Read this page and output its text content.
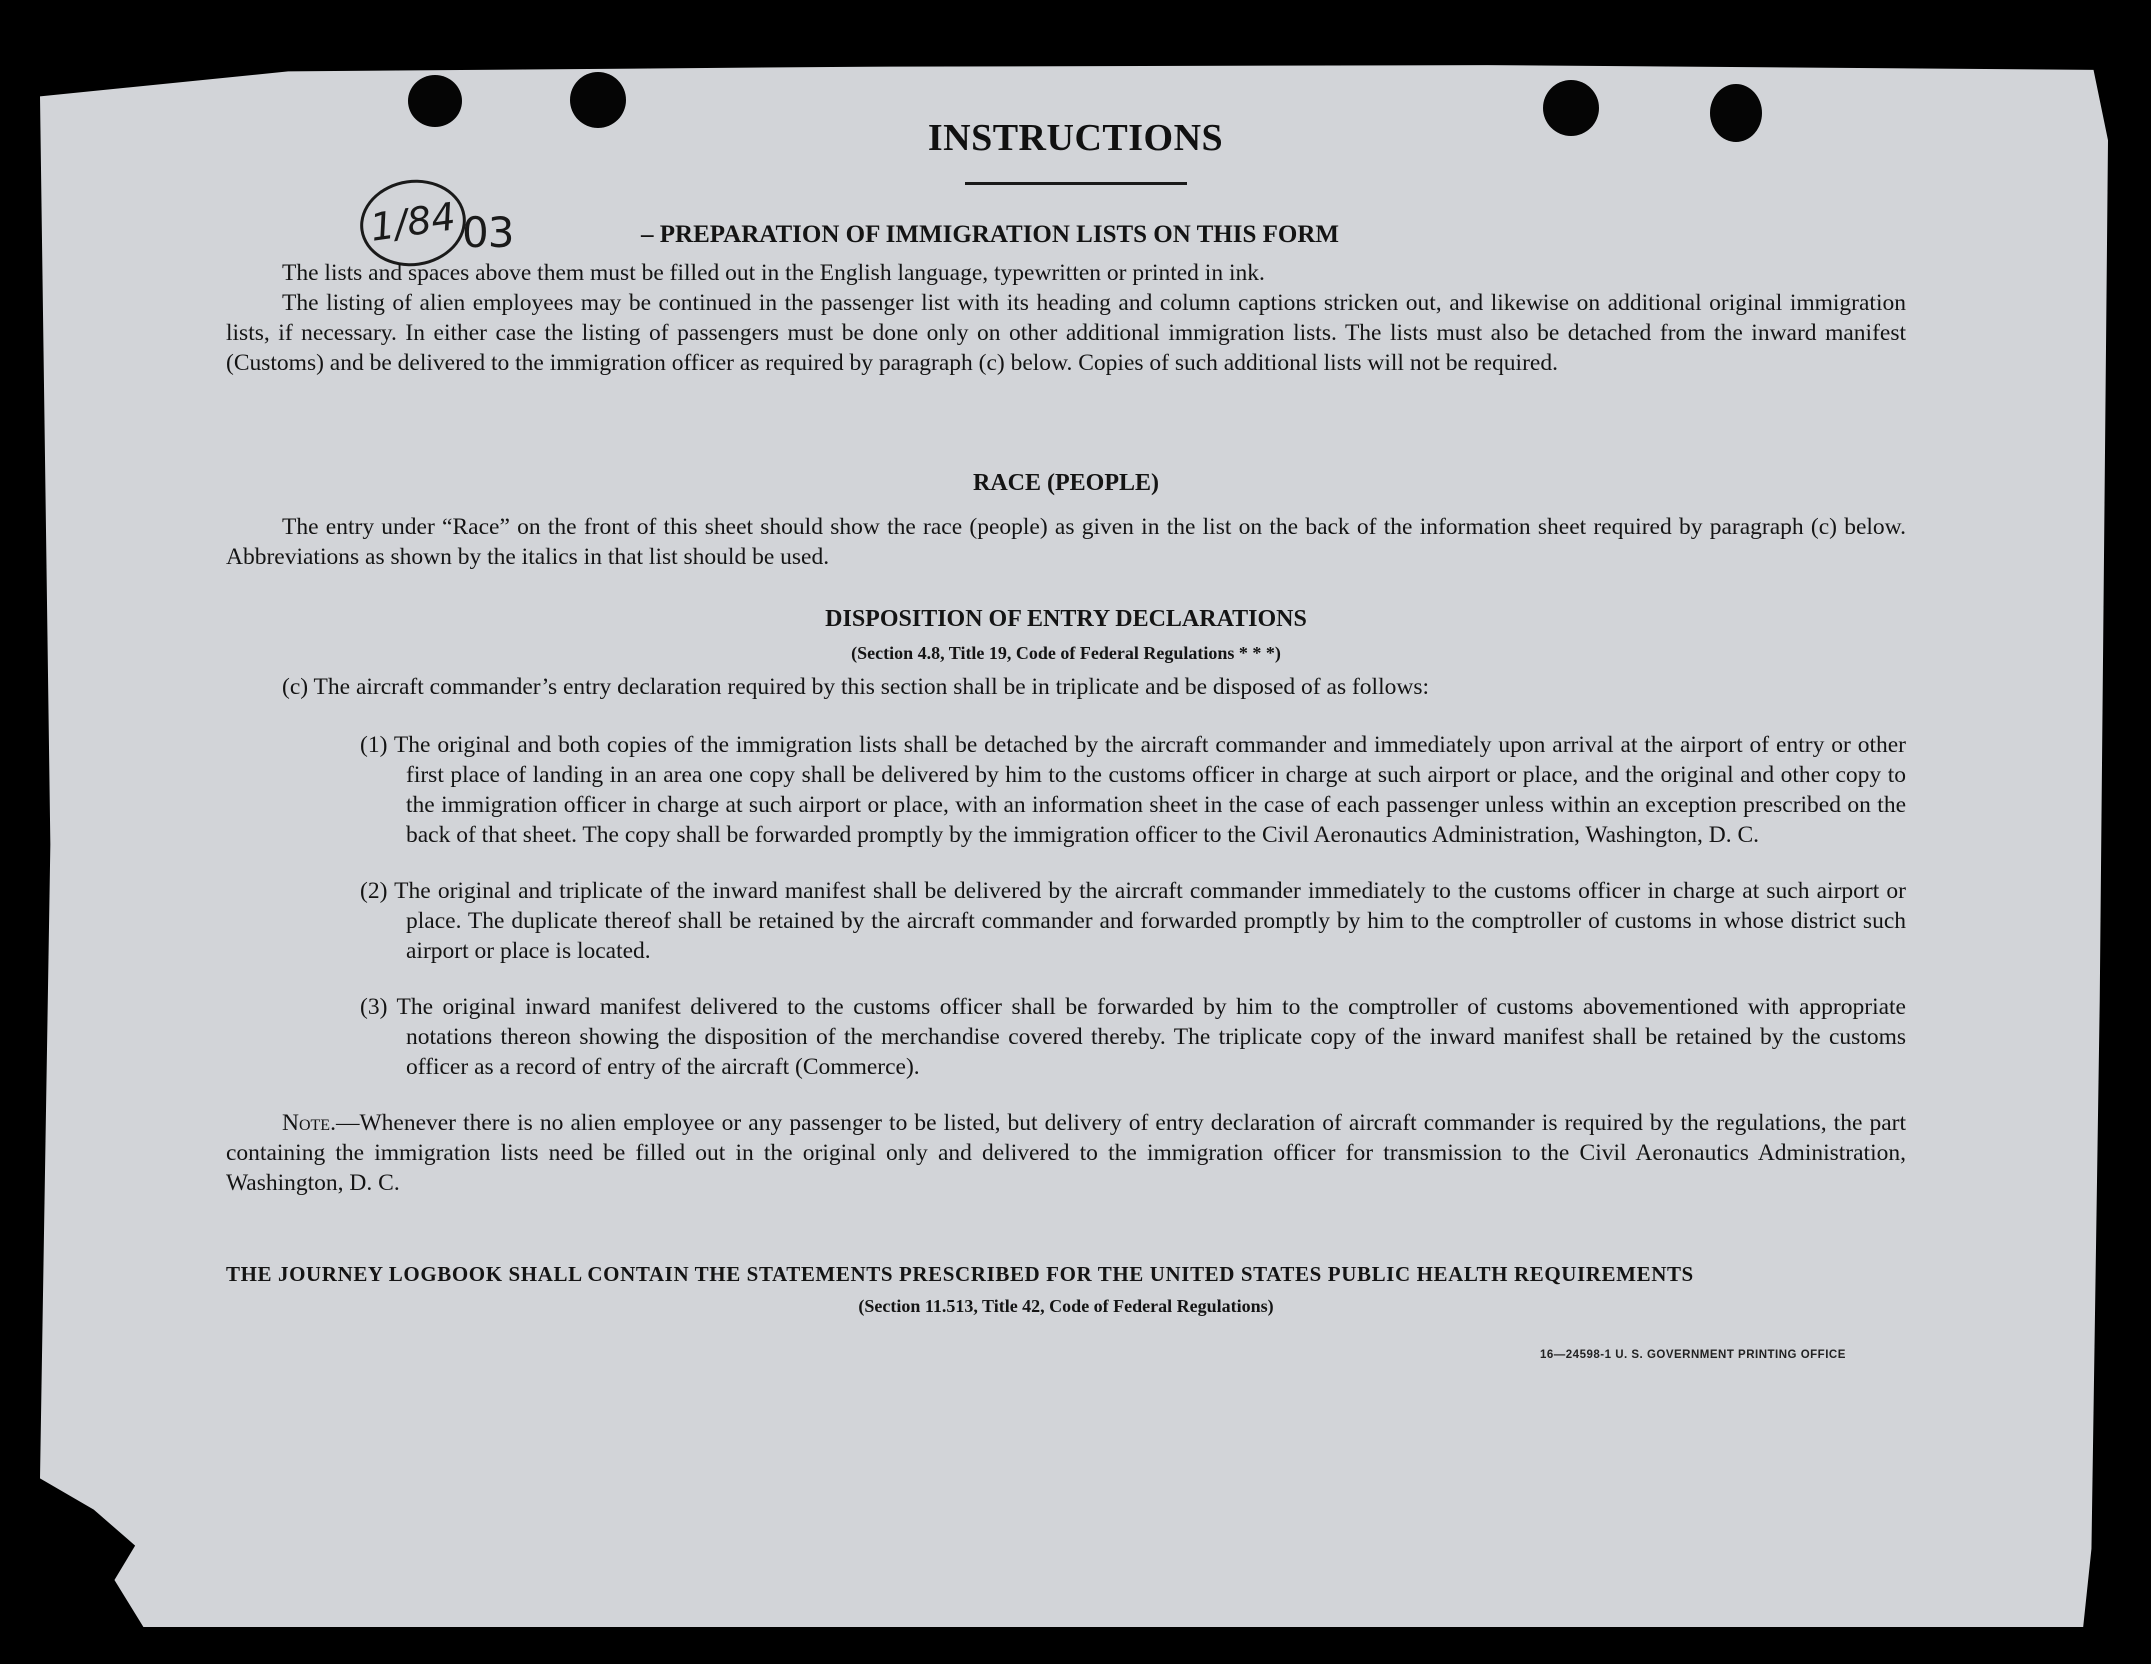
INSTRUCTIONS
1/84 03	– PREPARATION OF IMMIGRATION LISTS ON THIS FORM

The lists and spaces above them must be filled out in the English language, typewritten or printed in ink.

The listing of alien employees may be continued in the passenger list with its heading and column captions stricken out, and likewise on additional original immigration lists, if necessary. In either case the listing of passengers must be done only on other additional immigration lists. The lists must also be detached from the inward manifest (Customs) and be delivered to the immigration officer as required by paragraph (c) below. Copies of such additional lists will not be required.

RACE (PEOPLE)

The entry under “Race” on the front of this sheet should show the race (people) as given in the list on the back of the information sheet required by paragraph (c) below. Abbreviations as shown by the italics in that list should be used.

DISPOSITION OF ENTRY DECLARATIONS
(Section 4.8, Title 19, Code of Federal Regulations * * *)

(c) The aircraft commander’s entry declaration required by this section shall be in triplicate and be disposed of as follows:

(1) The original and both copies of the immigration lists shall be detached by the aircraft commander and immediately upon arrival at the airport of entry or other first place of landing in an area one copy shall be delivered by him to the customs officer in charge at such airport or place, and the original and other copy to the immigration officer in charge at such airport or place, with an information sheet in the case of each passenger unless within an exception prescribed on the back of that sheet. The copy shall be forwarded promptly by the immigration officer to the Civil Aeronautics Administration, Washington, D. C.

(2) The original and triplicate of the inward manifest shall be delivered by the aircraft commander immediately to the customs officer in charge at such airport or place. The duplicate thereof shall be retained by the aircraft commander and forwarded promptly by him to the comptroller of customs in whose district such airport or place is located.

(3) The original inward manifest delivered to the customs officer shall be forwarded by him to the comptroller of customs abovementioned with appropriate notations thereon showing the disposition of the merchandise covered thereby. The triplicate copy of the inward manifest shall be retained by the customs officer as a record of entry of the aircraft (Commerce).

Note.—Whenever there is no alien employee or any passenger to be listed, but delivery of entry declaration of aircraft commander is required by the regulations, the part containing the immigration lists need be filled out in the original only and delivered to the immigration officer for transmission to the Civil Aeronautics Administration, Washington, D. C.

THE JOURNEY LOGBOOK SHALL CONTAIN THE STATEMENTS PRESCRIBED FOR THE UNITED STATES PUBLIC HEALTH REQUIREMENTS
(Section 11.513, Title 42, Code of Federal Regulations)
16—24598-1 U. S. GOVERNMENT PRINTING OFFICE
